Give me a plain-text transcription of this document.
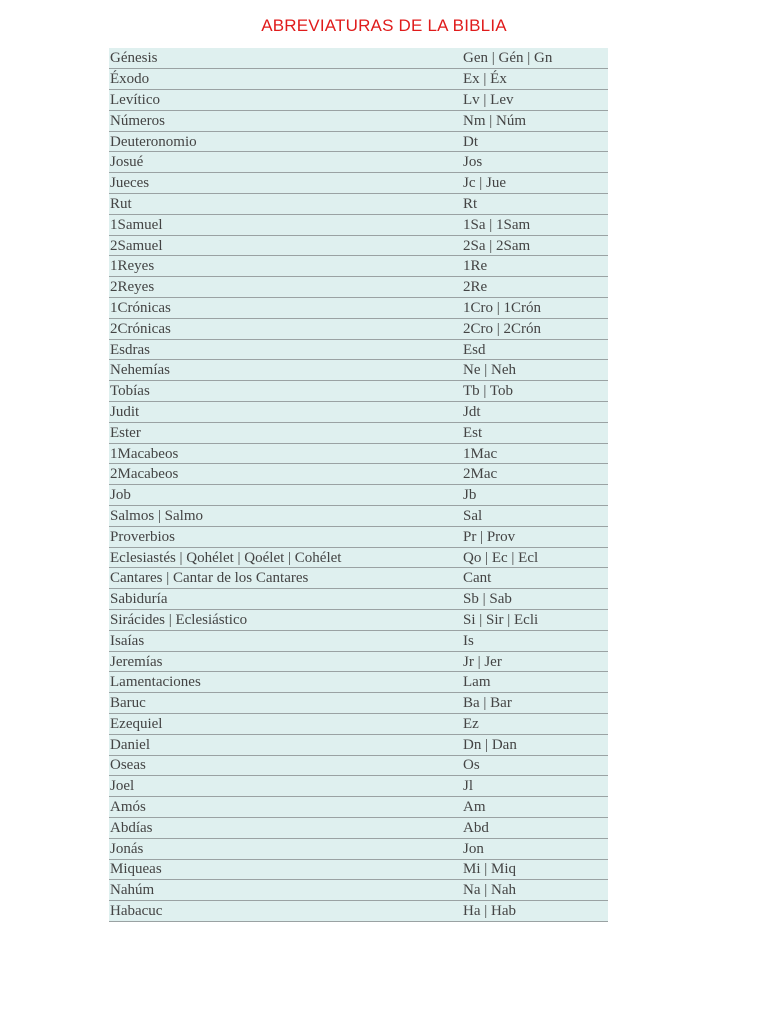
ABREVIATURAS DE LA BIBLIA
Génesis	Gen | Gén | Gn
Éxodo	Ex | Éx
Levítico	Lv | Lev
Números	Nm | Núm
Deuteronomio	Dt
Josué	Jos
Jueces	Jc | Jue
Rut	Rt
1Samuel	1Sa | 1Sam
2Samuel	2Sa | 2Sam
1Reyes	1Re
2Reyes	2Re
1Crónicas	1Cro | 1Crón
2Crónicas	2Cro | 2Crón
Esdras	Esd
Nehemías	Ne | Neh
Tobías	Tb | Tob
Judit	Jdt
Ester	Est
1Macabeos	1Mac
2Macabeos	2Mac
Job	Jb
Salmos | Salmo	Sal
Proverbios	Pr | Prov
Eclesiastés | Qohélet | Qoélet | Cohélet	Qo | Ec | Ecl
Cantares | Cantar de los Cantares	Cant
Sabiduría	Sb | Sab
Sirácides | Eclesiástico	Si | Sir | Ecli
Isaías	Is
Jeremías	Jr | Jer
Lamentaciones	Lam
Baruc	Ba | Bar
Ezequiel	Ez
Daniel	Dn | Dan
Oseas	Os
Joel	Jl
Amós	Am
Abdías	Abd
Jonás	Jon
Miqueas	Mi | Miq
Nahúm	Na | Nah
Habacuc	Ha | Hab
